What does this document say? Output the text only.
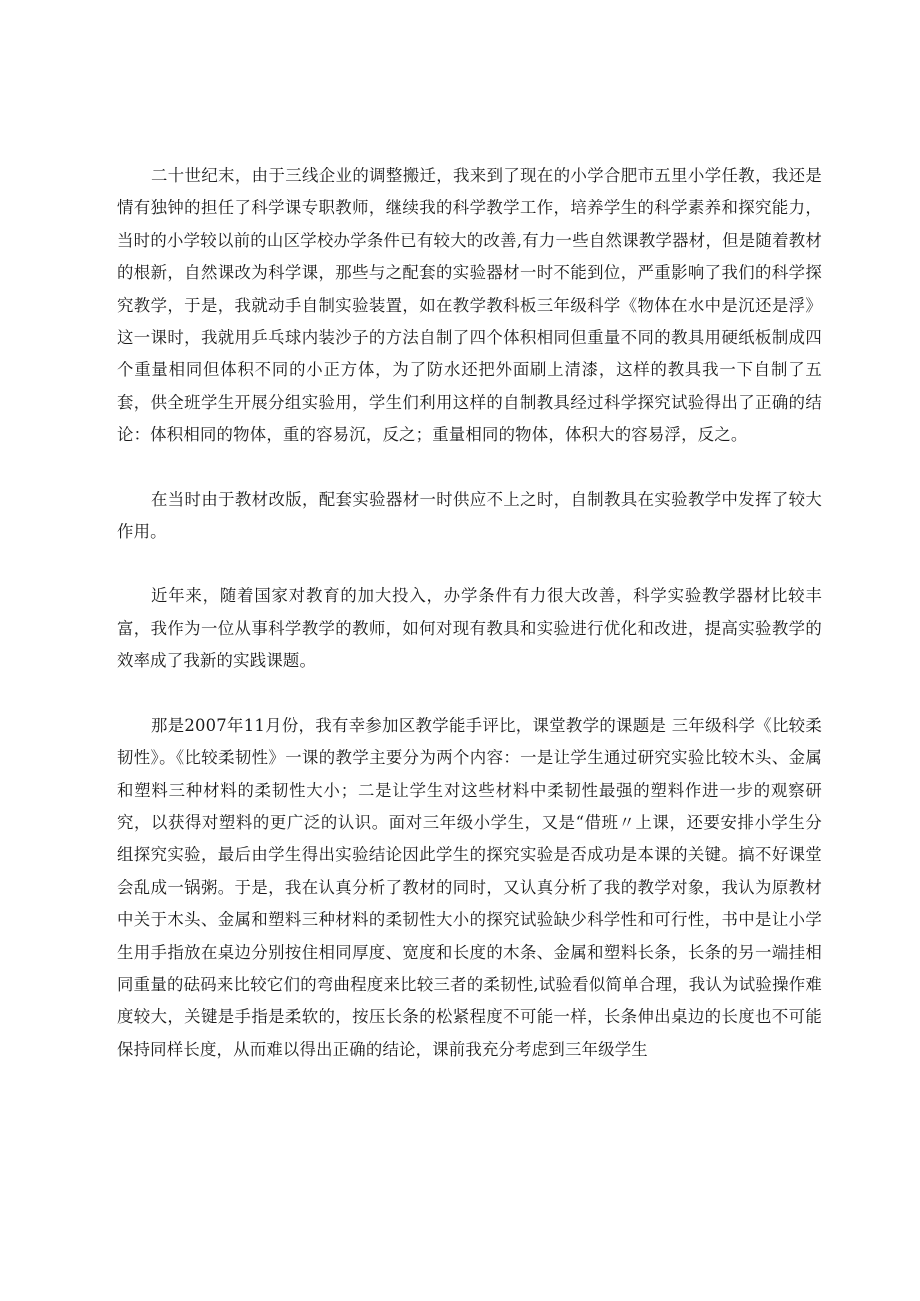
二十世纪末，由于三线企业的调整搬迁，我来到了现在的小学合肥市五里小学任教，我还是情有独钟的担任了科学课专职教师，继续我的科学教学工作，培养学生的科学素养和探究能力，当时的小学较以前的山区学校办学条件已有较大的改善,有力一些自然课教学器材，但是随着教材的根新，自然课改为科学课，那些与之配套的实验器材一时不能到位，严重影响了我们的科学探究教学，于是，我就动手自制实验装置，如在教学教科板三年级科学《物体在水中是沉还是浮》这一课时，我就用乒乓球内装沙子的方法自制了四个体积相同但重量不同的教具用硬纸板制成四个重量相同但体积不同的小正方体，为了防水还把外面刷上清漆，这样的教具我一下自制了五套，供全班学生开展分组实验用，学生们利用这样的自制教具经过科学探究试验得出了正确的结论：体积相同的物体，重的容易沉，反之；重量相同的物体，体积大的容易浮，反之。

在当时由于教材改版，配套实验器材一时供应不上之时，自制教具在实验教学中发挥了较大作用。

近年来，随着国家对教育的加大投入，办学条件有力很大改善，科学实验教学器材比较丰富，我作为一位从事科学教学的教师，如何对现有教具和实验进行优化和改进，提高实验教学的效率成了我新的实践课题。

那是2007年11月份，我有幸参加区教学能手评比，课堂教学的课题是 三年级科学《比较柔韧性》。《比较柔韧性》一课的教学主要分为两个内容：一是让学生通过研究实验比较木头、金属和塑料三种材料的柔韧性大小；二是让学生对这些材料中柔韧性最强的塑料作进一步的观察研究，以获得对塑料的更广泛的认识。面对三年级小学生，又是“借班〃上课，还要安排小学生分组探究实验，最后由学生得出实验结论因此学生的探究实验是否成功是本课的关键。搞不好课堂会乱成一锅粥。于是，我在认真分析了教材的同时，又认真分析了我的教学对象，我认为原教材中关于木头、金属和塑料三种材料的柔韧性大小的探究试验缺少科学性和可行性，书中是让小学生用手指放在桌边分别按住相同厚度、宽度和长度的木条、金属和塑料长条，长条的另一端挂相同重量的砝码来比较它们的弯曲程度来比较三者的柔韧性,试验看似简单合理，我认为试验操作难度较大，关键是手指是柔软的，按压长条的松紧程度不可能一样，长条伸出桌边的长度也不可能保持同样长度，从而难以得出正确的结论，课前我充分考虑到三年级学生
